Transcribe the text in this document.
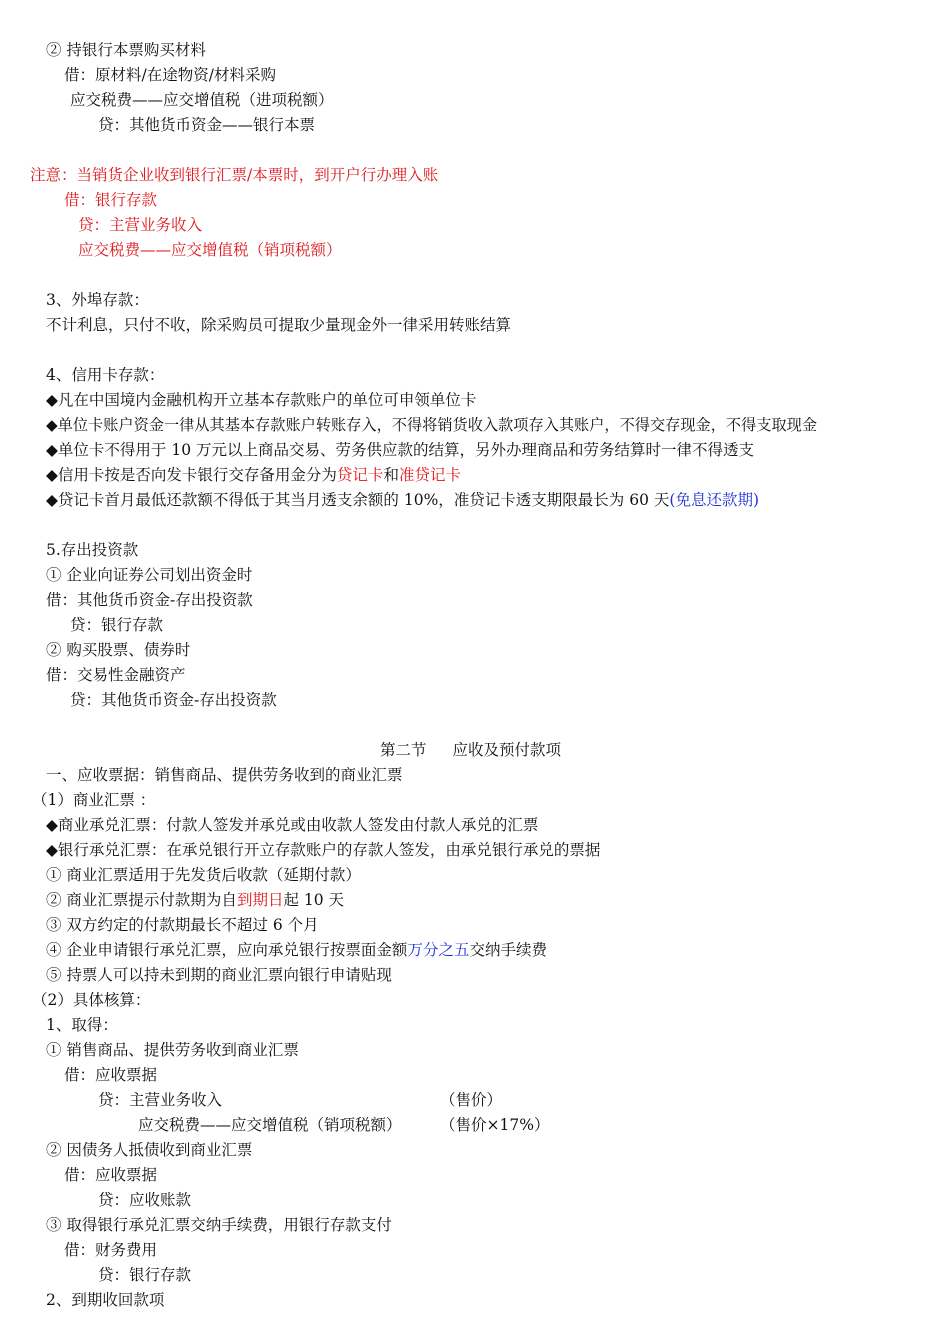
② 持银行本票购买材料
借：原材料/在途物资/材料采购
应交税费——应交增值税（进项税额）
贷：其他货币资金——银行本票
注意：当销货企业收到银行汇票/本票时，到开户行办理入账
借：银行存款
贷：主营业务收入
应交税费——应交增值税（销项税额）
3、外埠存款：
不计利息，只付不收，除采购员可提取少量现金外一律采用转账结算
4、信用卡存款：
◆凡在中国境内金融机构开立基本存款账户的单位可申领单位卡
◆单位卡账户资金一律从其基本存款账户转账存入，不得将销货收入款项存入其账户，不得交存现金，不得支取现金
◆单位卡不得用于 10 万元以上商品交易、劳务供应款的结算，另外办理商品和劳务结算时一律不得透支
◆信用卡按是否向发卡银行交存备用金分为贷记卡和准贷记卡
◆贷记卡首月最低还款额不得低于其当月透支余额的 10%，准贷记卡透支期限最长为 60 天(免息还款期)
5.存出投资款
① 企业向证券公司划出资金时
借：其他货币资金-存出投资款
贷：银行存款
② 购买股票、债券时
借：交易性金融资产
贷：其他货币资金-存出投资款
第二节 应收及预付款项
一、应收票据：销售商品、提供劳务收到的商业汇票
（1）商业汇票 ：
◆商业承兑汇票：付款人签发并承兑或由收款人签发由付款人承兑的汇票
◆银行承兑汇票：在承兑银行开立存款账户的存款人签发，由承兑银行承兑的票据
① 商业汇票适用于先发货后收款（延期付款）
② 商业汇票提示付款期为自到期日起 10 天
③ 双方约定的付款期最长不超过 6 个月
④ 企业申请银行承兑汇票，应向承兑银行按票面金额万分之五交纳手续费
⑤ 持票人可以持未到期的商业汇票向银行申请贴现
（2）具体核算：
1、取得：
① 销售商品、提供劳务收到商业汇票
借：应收票据
贷：主营业务收入	（售价）
应交税费——应交增值税（销项税额） （售价×17%）
② 因债务人抵债收到商业汇票
借：应收票据
贷：应收账款
③ 取得银行承兑汇票交纳手续费，用银行存款支付
借：财务费用
贷：银行存款
2、到期收回款项
